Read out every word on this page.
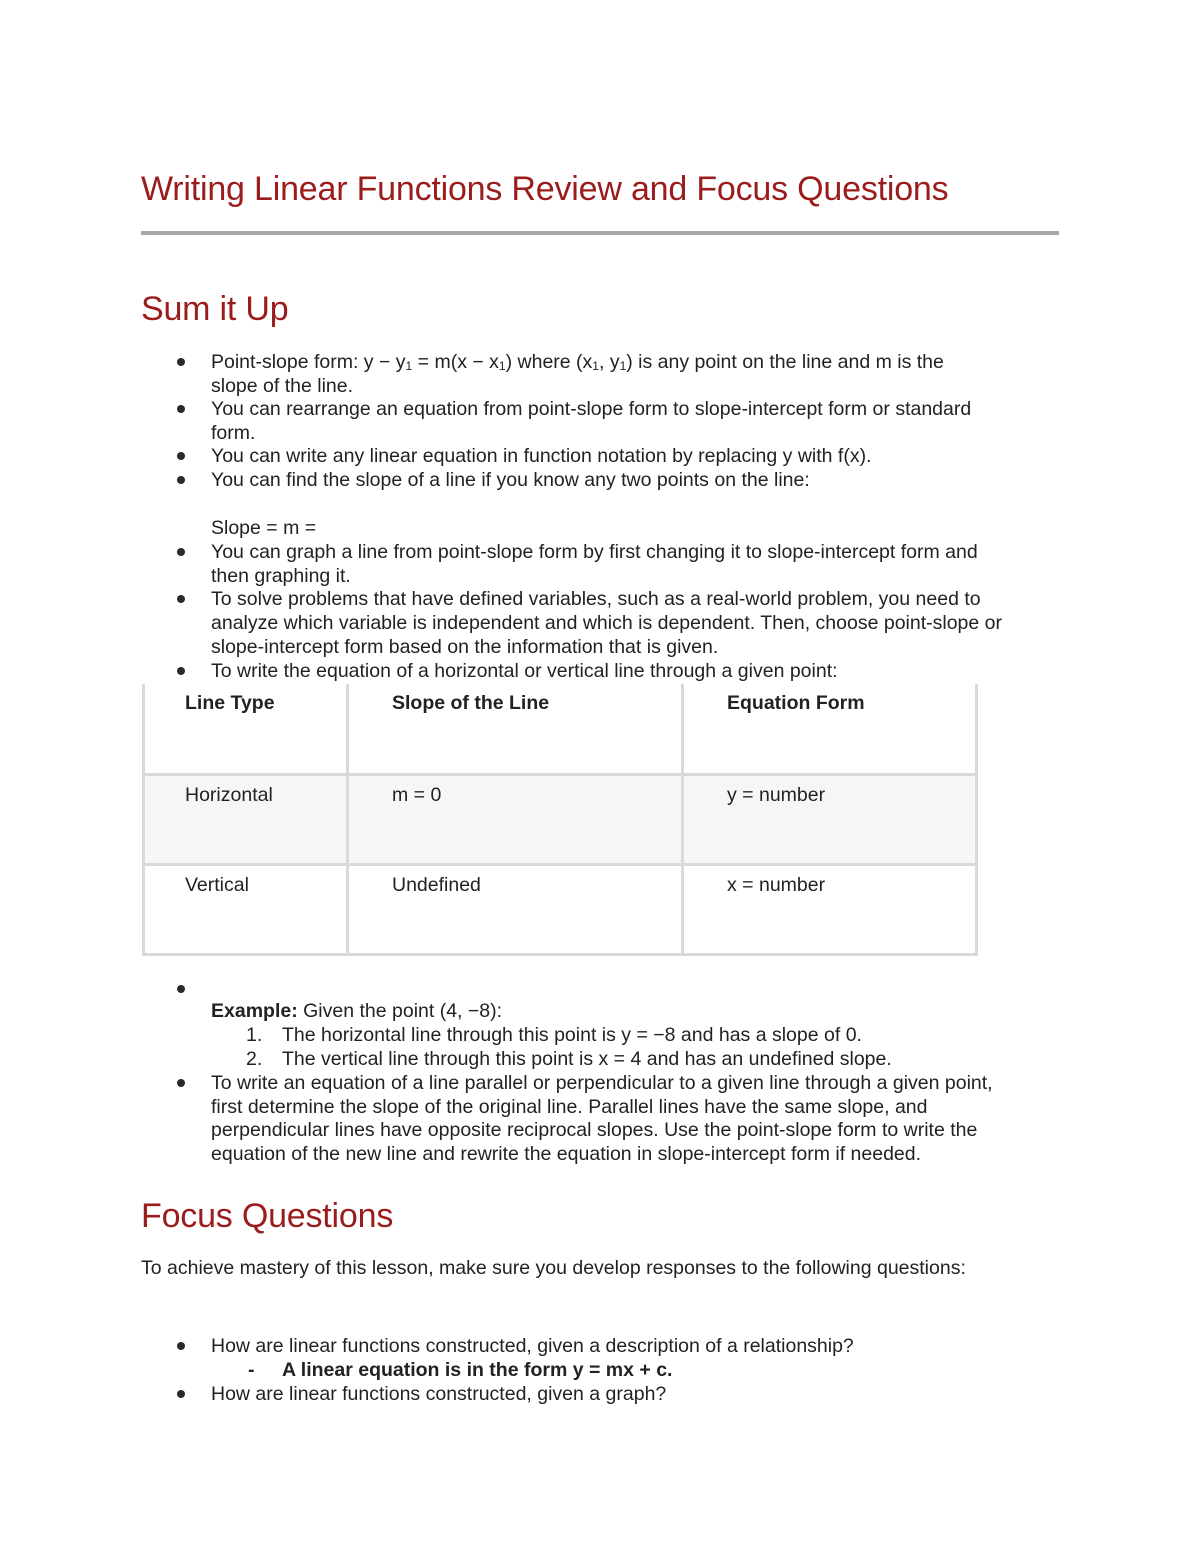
Writing Linear Functions Review and Focus Questions
Sum it Up
Point-slope form: $y - y_1 = m(x - x_1)$ where ($x_1$, $y_1$) is any point on the line and m is the
slope of the line.
You can rearrange an equation from point-slope form to slope-intercept form or standard
form.
You can write any linear equation in function notation by replacing y with f(x).
You can find the slope of a line if you know any two points on the line:
Slope = m =
You can graph a line from point-slope form by first changing it to slope-intercept form and
then graphing it.
To solve problems that have defined variables, such as a real-world problem, you need to
analyze which variable is independent and which is dependent. Then, choose point-slope or
slope-intercept form based on the information that is given.
To write the equation of a horizontal or vertical line through a given point:
Line Type	Slope of the Line	Equation Form
Horizontal	m = 0	y = number
Vertical	Undefined	x = number
Example: Given the point (4, −8):
1. The horizontal line through this point is y = −8 and has a slope of 0.
2. The vertical line through this point is x = 4 and has an undefined slope.
To write an equation of a line parallel or perpendicular to a given line through a given point,
first determine the slope of the original line. Parallel lines have the same slope, and
perpendicular lines have opposite reciprocal slopes. Use the point-slope form to write the
equation of the new line and rewrite the equation in slope-intercept form if needed.
Focus Questions
To achieve mastery of this lesson, make sure you develop responses to the following questions:
How are linear functions constructed, given a description of a relationship?
- A linear equation is in the form y = mx + c.
How are linear functions constructed, given a graph?
